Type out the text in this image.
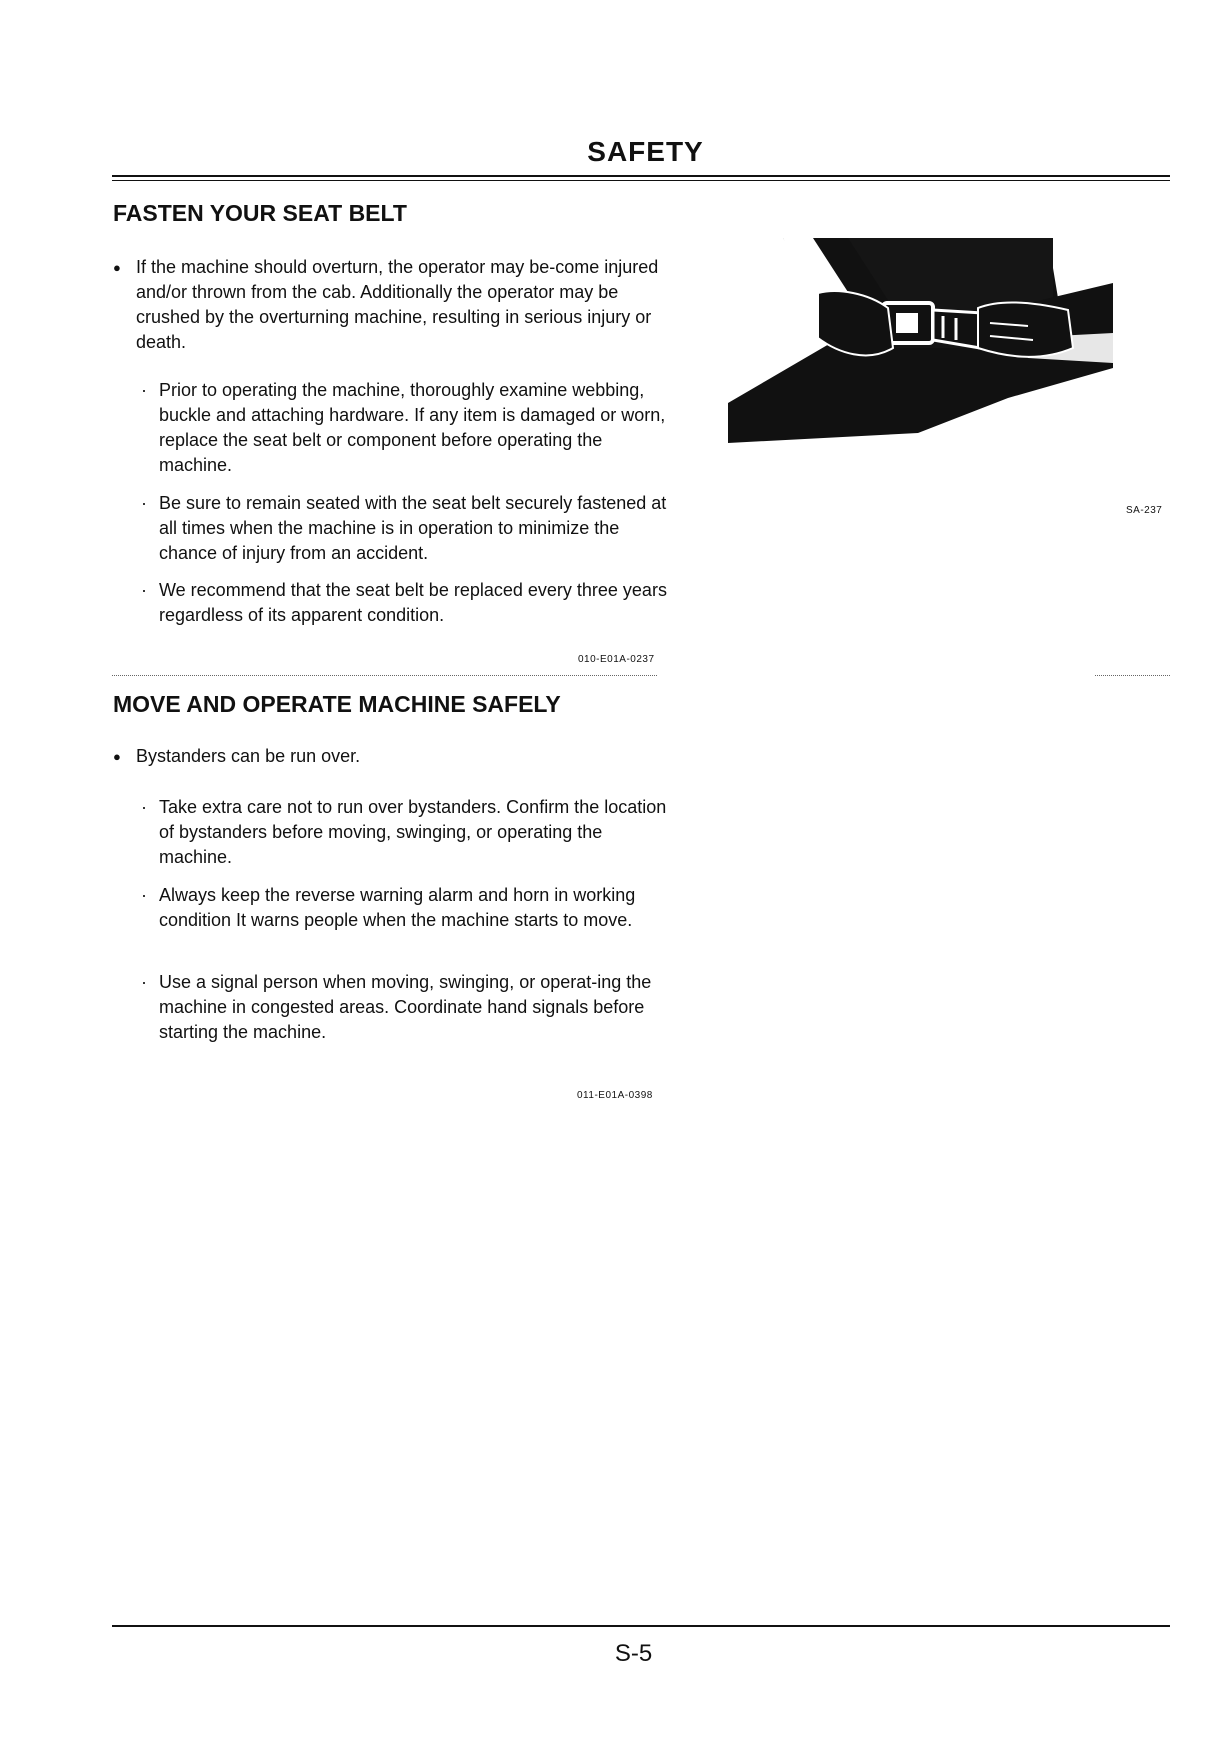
SAFETY
FASTEN YOUR SEAT BELT
● If the machine should overturn, the operator may be-come injured and/or thrown from the cab. Additionally the operator may be crushed by the overturning machine, resulting in serious injury or death.
· Prior to operating the machine, thoroughly examine webbing, buckle and attaching hardware. If any item is damaged or worn, replace the seat belt or component before operating the machine.
· Be sure to remain seated with the seat belt securely fastened at all times when the machine is in operation to minimize the chance of injury from an accident.
· We recommend that the seat belt be replaced every three years regardless of its apparent condition.
010-E01A-0237
SA-237
MOVE AND OPERATE MACHINE SAFELY
● Bystanders can be run over.
· Take extra care not to run over bystanders. Confirm the location of bystanders before moving, swinging, or operating the machine.
· Always keep the reverse warning alarm and horn in working condition It warns people when the machine starts to move.
· Use a signal person when moving, swinging, or operat-ing the machine in congested areas. Coordinate hand signals before starting the machine.
011-E01A-0398
S-5
